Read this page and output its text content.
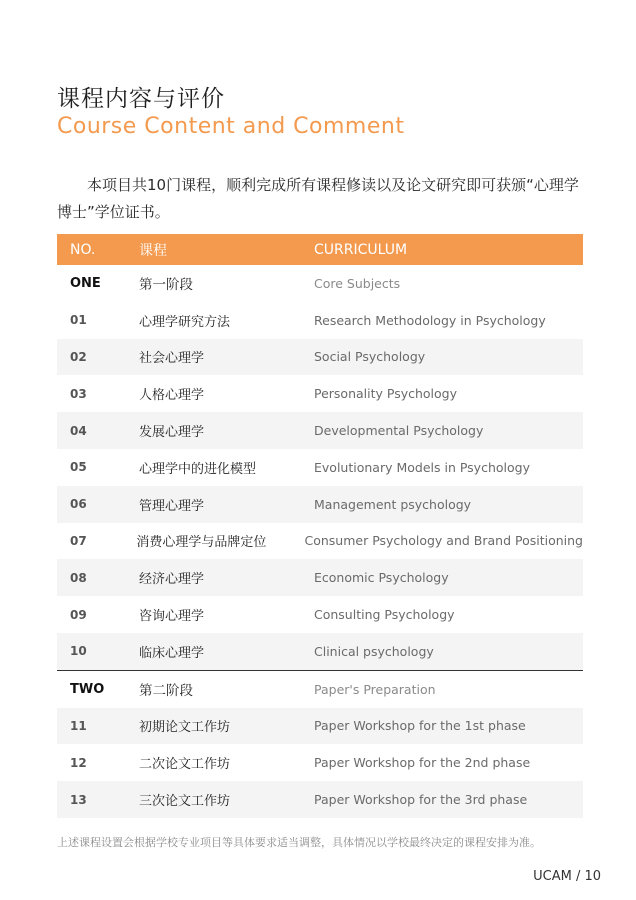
课程内容与评价
Course Content and Comment
本项目共10门课程，顺利完成所有课程修读以及论文研究即可获颁“心理学博士”学位证书。
NO.	课程	CURRICULUM
ONE	第一阶段	Core Subjects
01	心理学研究方法	Research Methodology in Psychology
02	社会心理学	Social Psychology
03	人格心理学	Personality Psychology
04	发展心理学	Developmental Psychology
05	心理学中的进化模型	Evolutionary Models in Psychology
06	管理心理学	Management psychology
07	消费心理学与品牌定位	Consumer Psychology and Brand Positioning
08	经济心理学	Economic Psychology
09	咨询心理学	Consulting Psychology
10	临床心理学	Clinical psychology
TWO	第二阶段	Paper's Preparation
11	初期论文工作坊	Paper Workshop for the 1st phase
12	二次论文工作坊	Paper Workshop for the 2nd phase
13	三次论文工作坊	Paper Workshop for the 3rd phase
上述课程设置会根据学校专业项目等具体要求适当调整，具体情况以学校最终决定的课程安排为准。
UCAM / 10
